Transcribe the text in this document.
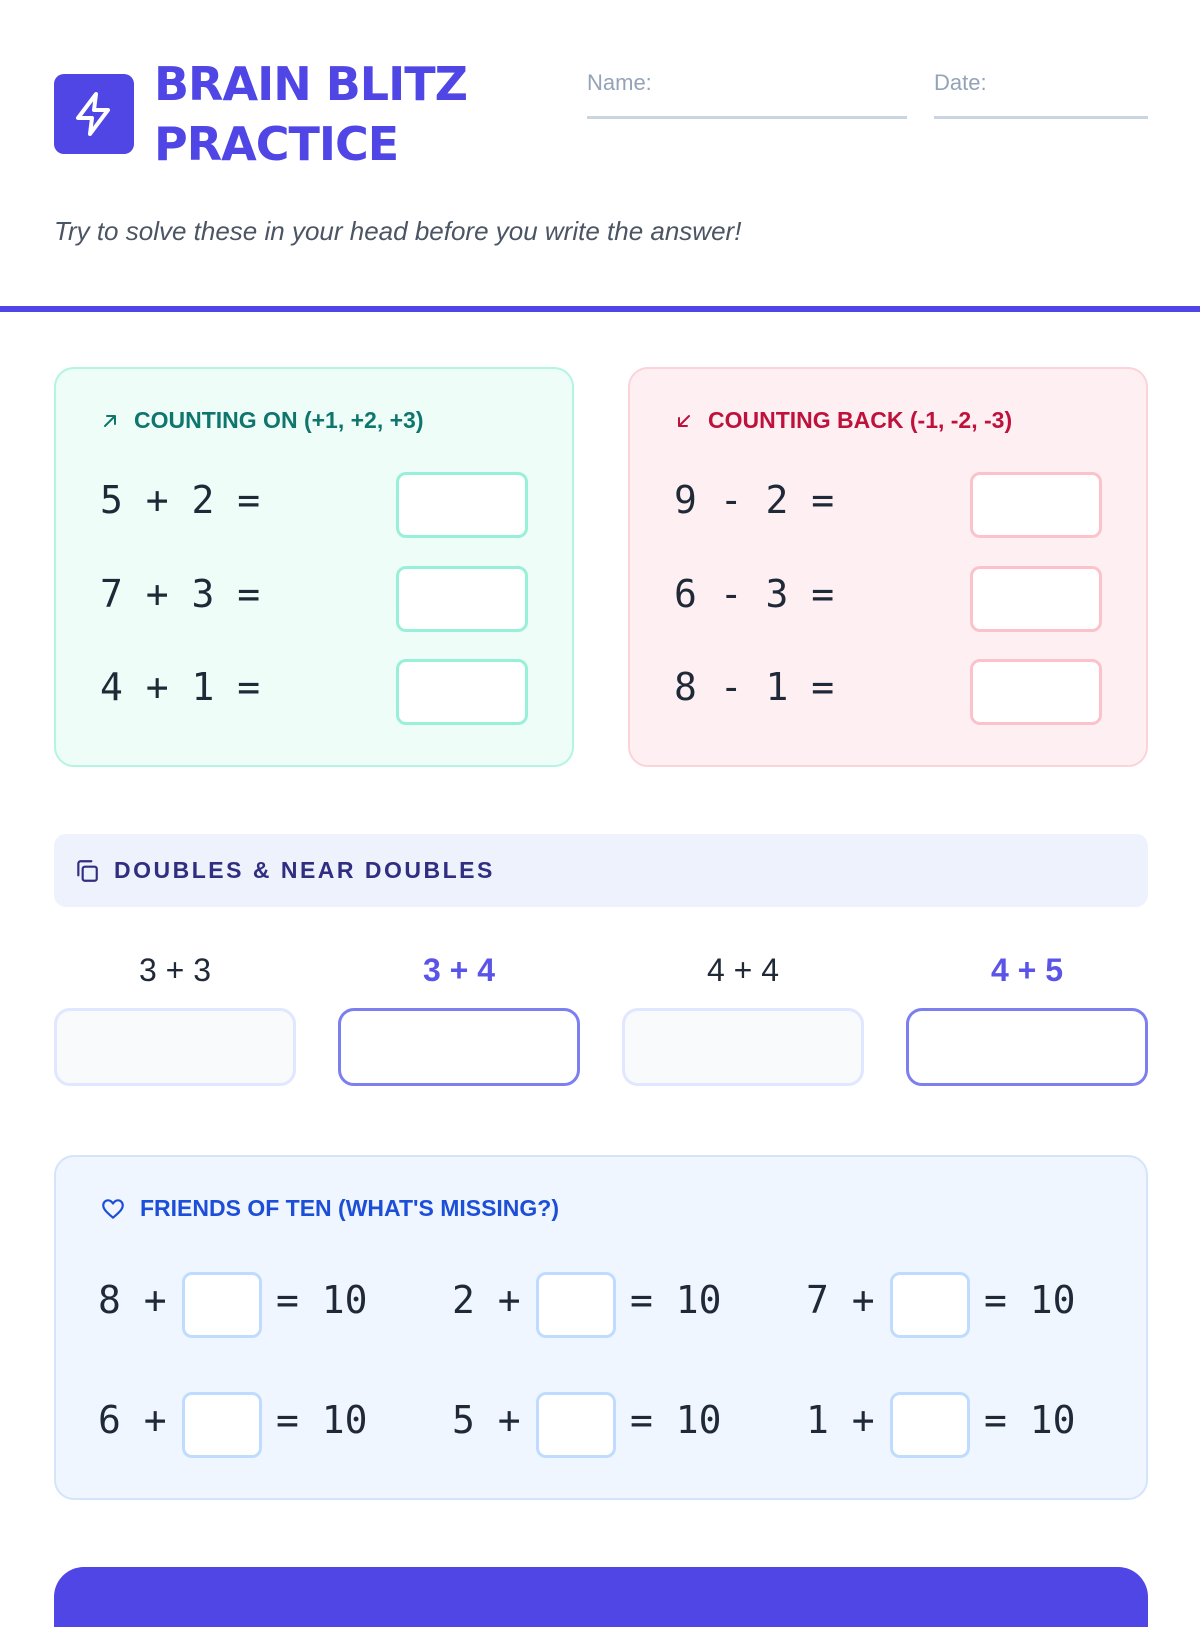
BRAIN BLITZ
PRACTICE
Name:	Date:

Try to solve these in your head before you write the answer!

COUNTING ON (+1, +2, +3)
5 + 2 =
7 + 3 =
4 + 1 =
COUNTING BACK (-1, -2, -3)
9 - 2 =
6 - 3 =
8 - 1 =
DOUBLES & NEAR DOUBLES
3 + 3	3 + 4	4 + 4	4 + 5
FRIENDS OF TEN (WHAT'S MISSING?)
8 +	= 10 2 +	= 10 7 +	= 10
6 +	= 10 5 +	= 10 1 +	= 10
